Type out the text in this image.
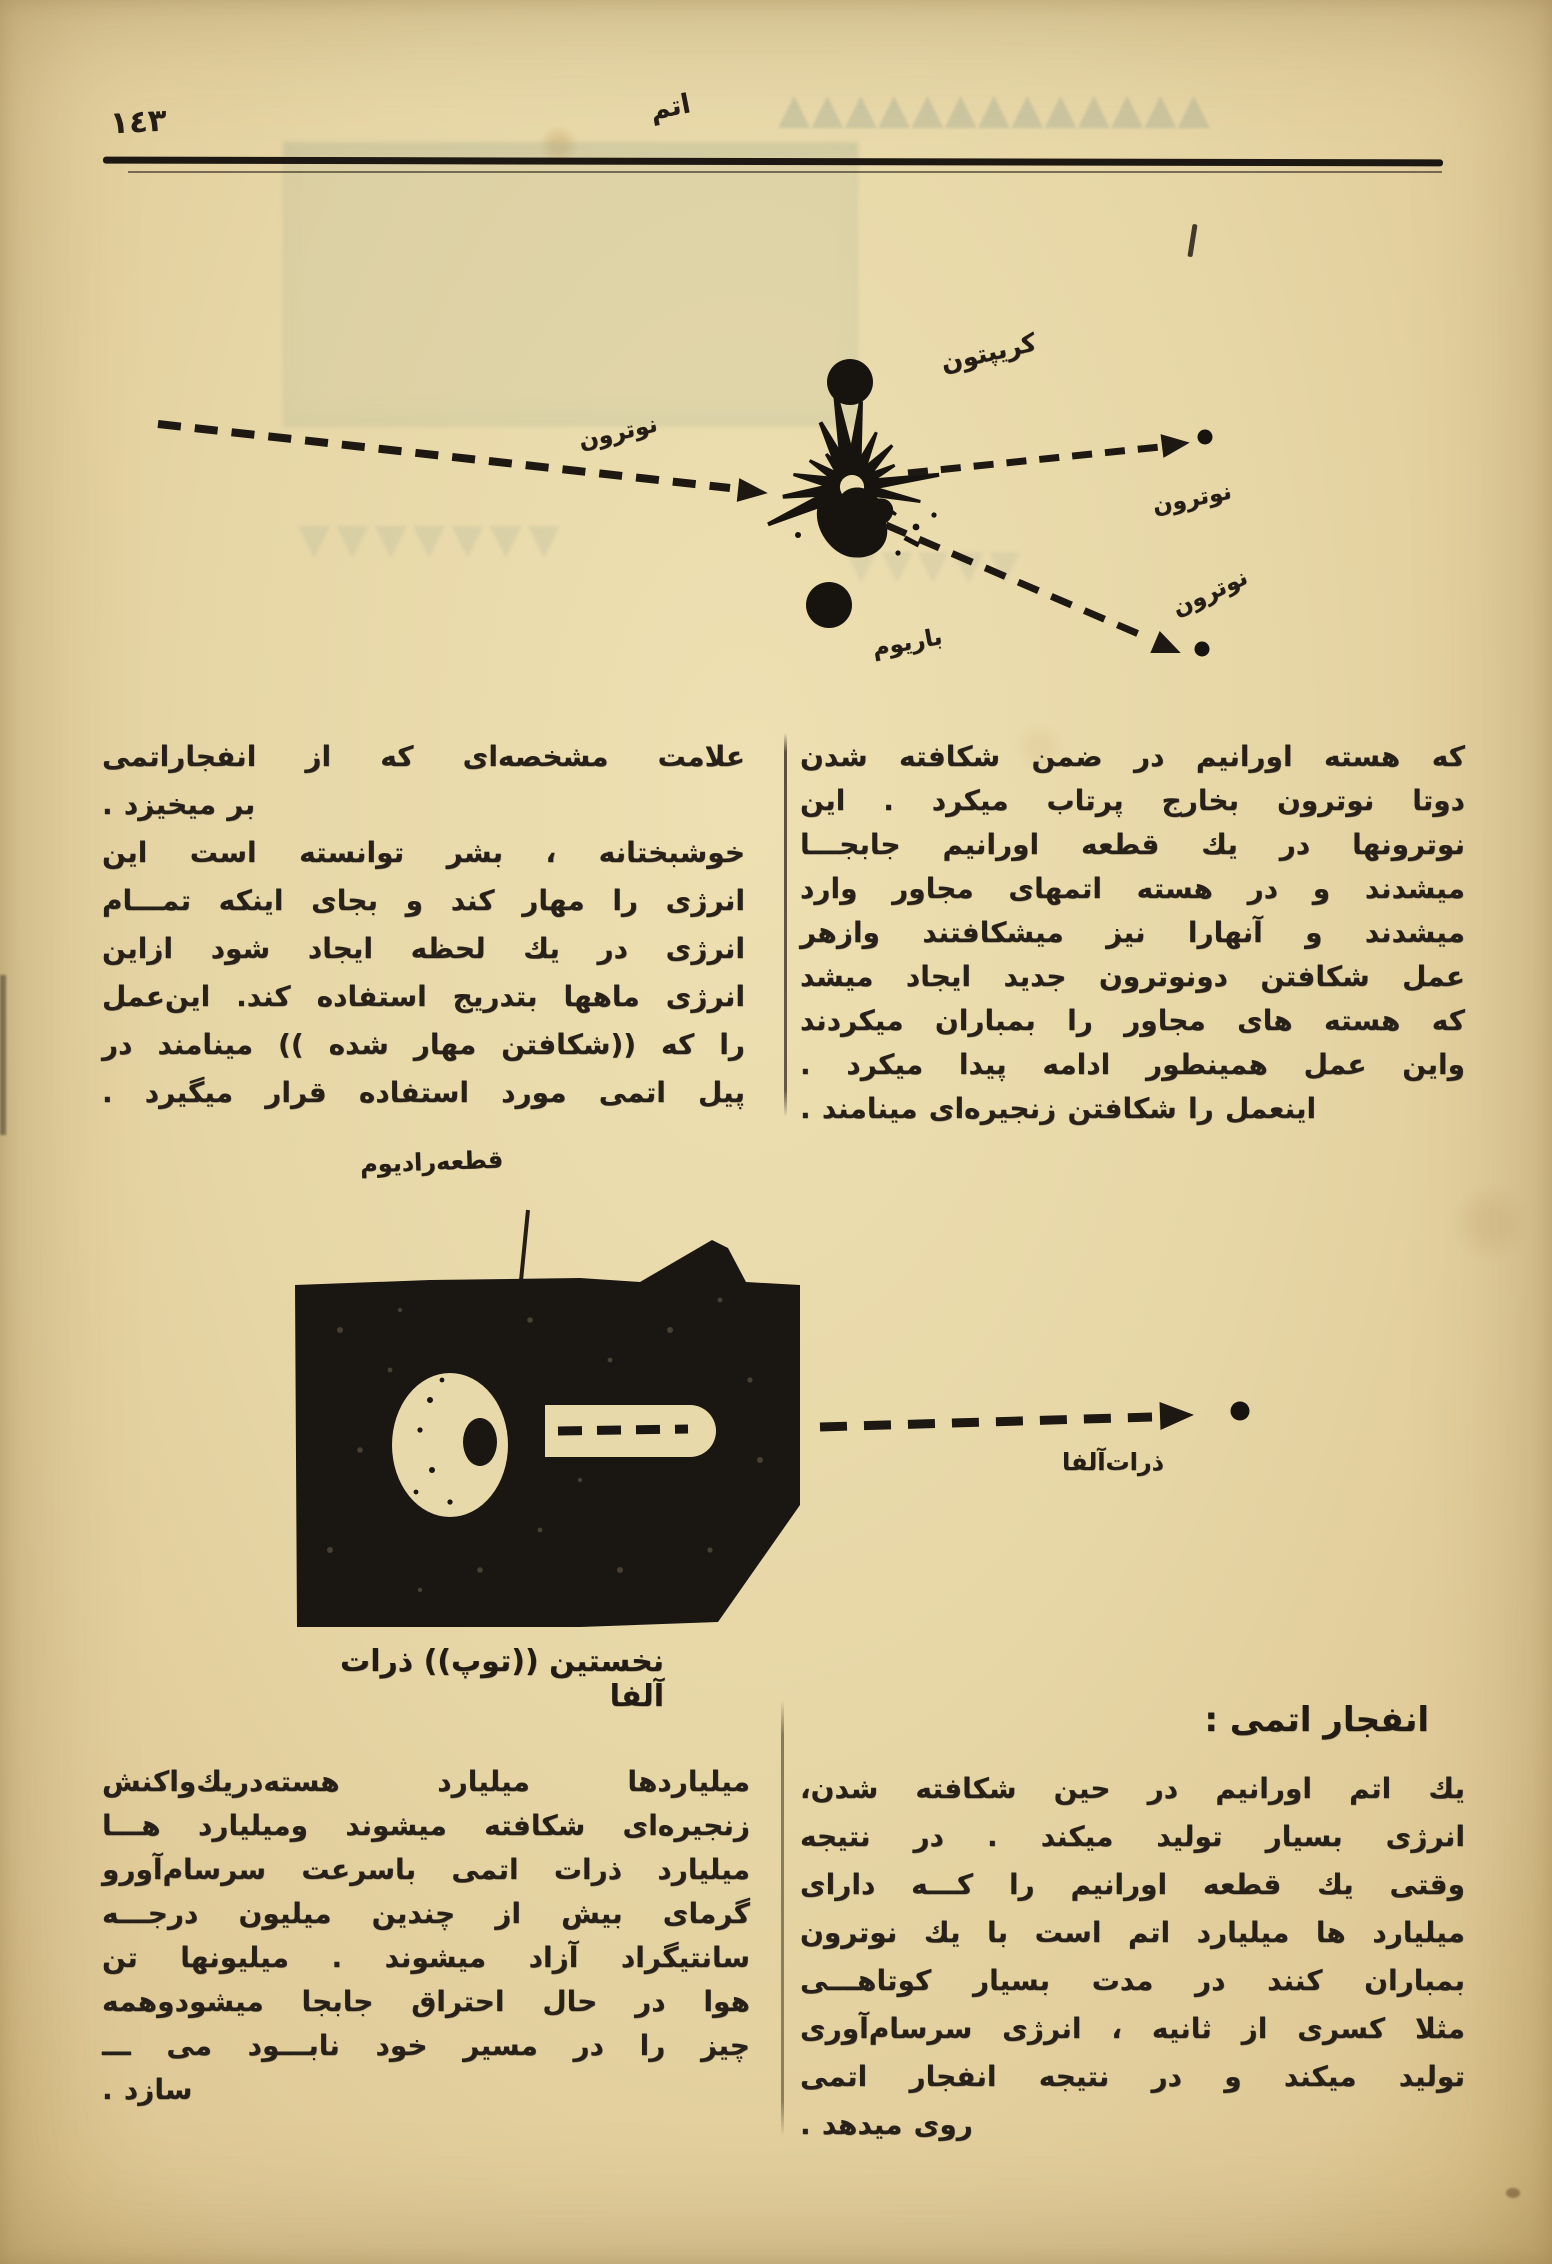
▲▲▲▲▲▲▲▲▲▲▲▲▲
▼▼▼▼▼▼▼
▼▼▼▼▼
١٤٣	اتم
نوترون
کریپتون
نوترون
نوترون
باریوم
که هسته اورانیم در ضمن شکافته شدن
دوتا نوترون بخارج پرتاب میکرد . این
نوترونها در یك قطعه اورانیم جابجـــا
میشدند و در هسته اتمهای مجاور وارد
میشدند و آنهارا نیز میشکافتند وازهر
عمل شکافتن دونوترون جدید ایجاد میشد
که هسته های مجاور را بمباران میکردند
واین عمل همینطور ادامه پیدا میکرد .
اینعمل را شکافتن زنجیره‌ای مینامند .
علامت مشخصه‌ای که از انفجاراتمی
بر میخیزد .
خوشبختانه ، بشر توانسته است این
انرژی را مهار کند و بجای اینکه تمـــام
انرژی در یك لحظه ایجاد شود ازاین
انرژی ماهها بتدریج استفاده کند. این‌عمل
را که ((شکافتن مهار شده )) مینامند در
پیل اتمی مورد استفاده قرار میگیرد .
قطعه‌رادیوم
ذرات‌آلفا
نخستین ((توپ)) ذرات آلفا
انفجار اتمی :
یك اتم اورانیم در حین شکافته شدن،
انرژی بسیار تولید میکند . در نتیجه
وقتی یك قطعه اورانیم را کـــه دارای
میلیارد ها میلیارد اتم است با یك نوترون
بمباران کنند در مدت بسیار کوتاهـــی
مثلا کسری از ثانیه ، انرژی سرسام‌آوری
تولید میکند و در نتیجه انفجار اتمی
روی میدهد .
میلیاردها میلیارد هسته‌دریك‌واکنش
زنجیره‌ای شکافته میشوند ومیلیارد هـــا
میلیارد ذرات اتمی باسرعت سرسام‌آورو
گرمای بیش از چندین میلیون درجـــه
سانتیگراد آزاد میشوند . میلیونها تن
هوا در حال احتراق جابجا میشودوهمه
چیز را در مسیر خود نابـــود می ـــ
سازد .
